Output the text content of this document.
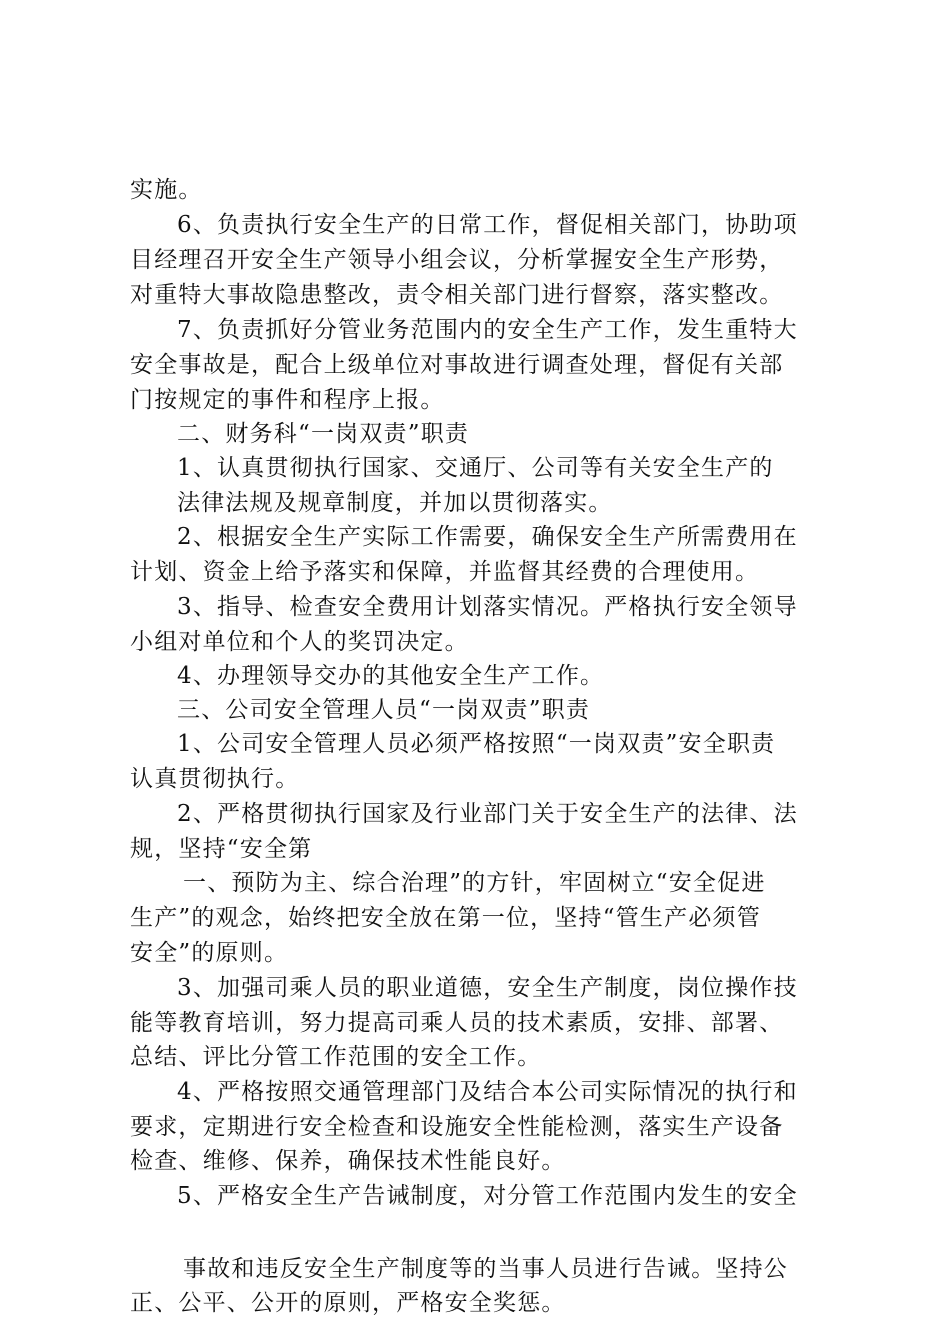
实施。
6、负责执行安全生产的日常工作，督促相关部门，协助项
目经理召开安全生产领导小组会议，分析掌握安全生产形势，
对重特大事故隐患整改，责令相关部门进行督察，落实整改。
7、负责抓好分管业务范围内的安全生产工作，发生重特大
安全事故是，配合上级单位对事故进行调查处理，督促有关部
门按规定的事件和程序上报。
二、财务科“一岗双责”职责
1、认真贯彻执行国家、交通厅、公司等有关安全生产的
法律法规及规章制度，并加以贯彻落实。
2、根据安全生产实际工作需要，确保安全生产所需费用在
计划、资金上给予落实和保障，并监督其经费的合理使用。
3、指导、检查安全费用计划落实情况。严格执行安全领导
小组对单位和个人的奖罚决定。
4、办理领导交办的其他安全生产工作。
三、公司安全管理人员“一岗双责”职责
1、公司安全管理人员必须严格按照“一岗双责”安全职责
认真贯彻执行。
2、严格贯彻执行国家及行业部门关于安全生产的法律、法
规，坚持“安全第
一、预防为主、综合治理”的方针，牢固树立“安全促进
生产”的观念，始终把安全放在第一位，坚持“管生产必须管
安全”的原则。
3、加强司乘人员的职业道德，安全生产制度，岗位操作技
能等教育培训，努力提高司乘人员的技术素质，安排、部署、
总结、评比分管工作范围的安全工作。
4、严格按照交通管理部门及结合本公司实际情况的执行和
要求，定期进行安全检查和设施安全性能检测，落实生产设备
检查、维修、保养，确保技术性能良好。
5、严格安全生产告诫制度，对分管工作范围内发生的安全
事故和违反安全生产制度等的当事人员进行告诫。坚持公
正、公平、公开的原则，严格安全奖惩。
